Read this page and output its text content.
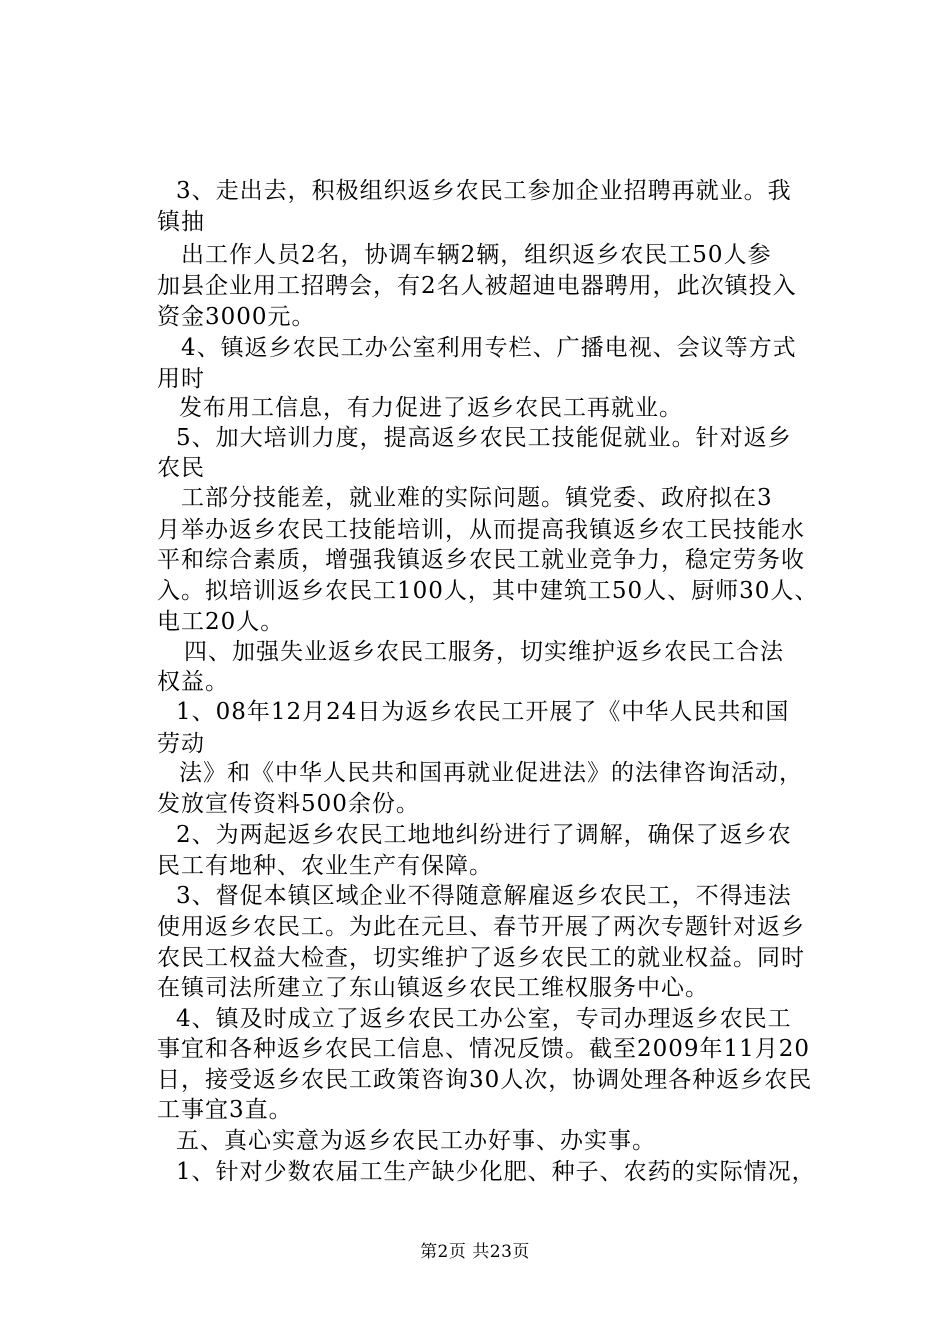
3、走出去，积极组织返乡农民工参加企业招聘再就业。我
镇抽
出工作人员2名，协调车辆2辆，组织返乡农民工50人参
加县企业用工招聘会，有2名人被超迪电器聘用，此次镇投入
资金3000元。
4、镇返乡农民工办公室利用专栏、广播电视、会议等方式
用时
发布用工信息，有力促进了返乡农民工再就业。
5、加大培训力度，提高返乡农民工技能促就业。针对返乡
农民
工部分技能差，就业难的实际问题。镇党委、政府拟在3
月举办返乡农民工技能培训，从而提高我镇返乡农工民技能水
平和综合素质，增强我镇返乡农民工就业竞争力，稳定劳务收
入。拟培训返乡农民工100人，其中建筑工50人、厨师30人、
电工20人。
四、加强失业返乡农民工服务，切实维护返乡农民工合法
权益。
1、08年12月24日为返乡农民工开展了《中华人民共和国
劳动
法》和《中华人民共和国再就业促进法》的法律咨询活动，
发放宣传资料500余份。
2、为两起返乡农民工地地纠纷进行了调解，确保了返乡农
民工有地种、农业生产有保障。
3、督促本镇区域企业不得随意解雇返乡农民工，不得违法
使用返乡农民工。为此在元旦、春节开展了两次专题针对返乡
农民工权益大检查，切实维护了返乡农民工的就业权益。同时
在镇司法所建立了东山镇返乡农民工维权服务中心。
4、镇及时成立了返乡农民工办公室，专司办理返乡农民工
事宜和各种返乡农民工信息、情况反馈。截至2009年11月20
日，接受返乡农民工政策咨询30人次，协调处理各种返乡农民
工事宜3直。
五、真心实意为返乡农民工办好事、办实事。
1、针对少数农届工生产缺少化肥、种子、农药的实际情况，
第2页 共23页
